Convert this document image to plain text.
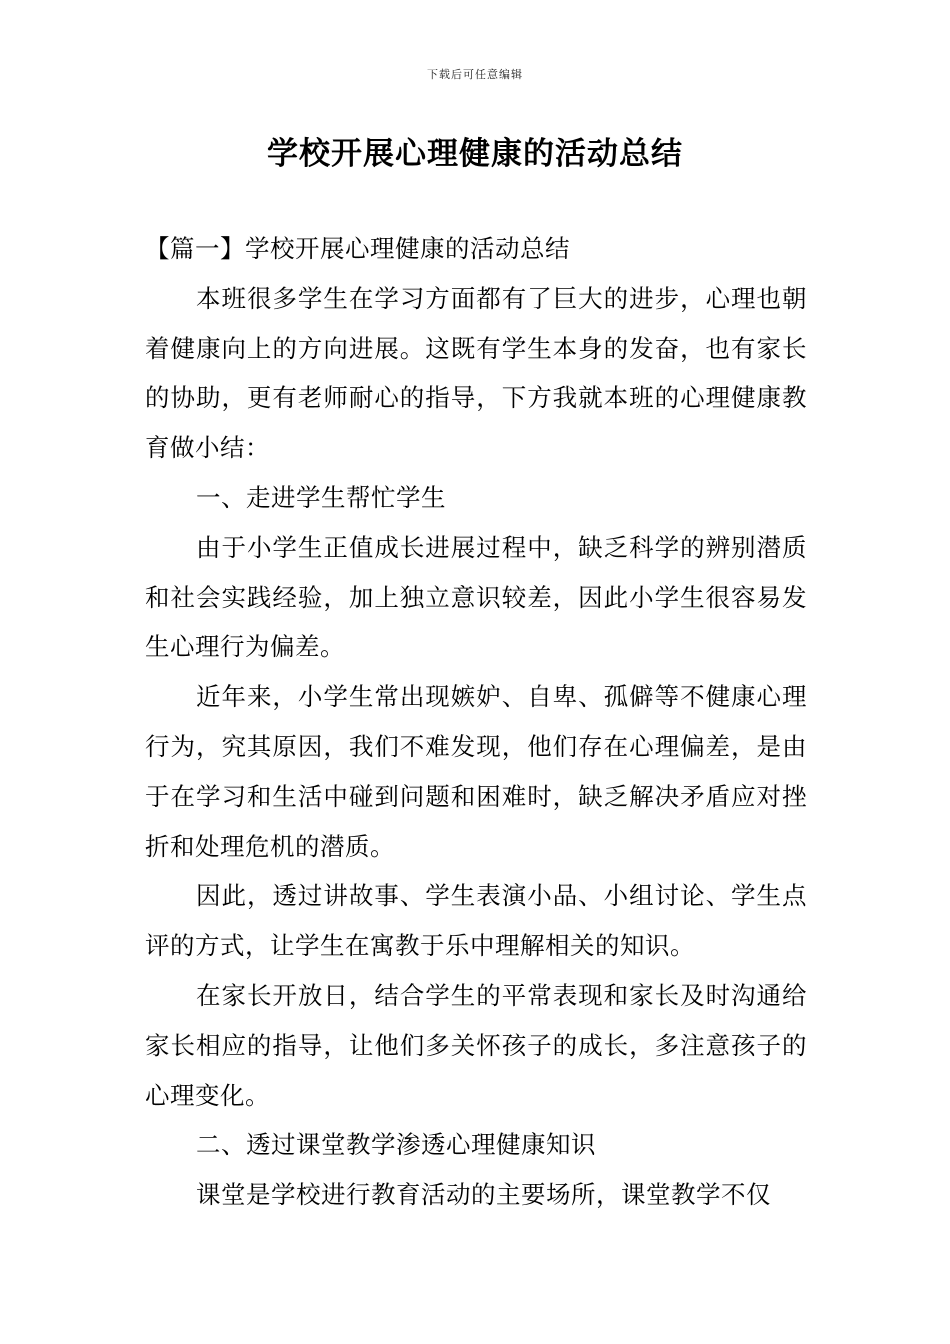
下载后可任意编辑
学校开展心理健康的活动总结

【篇一】学校开展心理健康的活动总结

本班很多学生在学习方面都有了巨大的进步，心理也朝着健康向上的方向进展。这既有学生本身的发奋，也有家长的协助，更有老师耐心的指导，下方我就本班的心理健康教育做小结：

一、走进学生帮忙学生

由于小学生正值成长进展过程中，缺乏科学的辨别潜质和社会实践经验，加上独立意识较差，因此小学生很容易发生心理行为偏差。

近年来，小学生常出现嫉妒、自卑、孤僻等不健康心理行为，究其原因，我们不难发现，他们存在心理偏差，是由于在学习和生活中碰到问题和困难时，缺乏解决矛盾应对挫折和处理危机的潜质。

因此，透过讲故事、学生表演小品、小组讨论、学生点评的方式，让学生在寓教于乐中理解相关的知识。

在家长开放日，结合学生的平常表现和家长及时沟通给家长相应的指导，让他们多关怀孩子的成长，多注意孩子的心理变化。

二、透过课堂教学渗透心理健康知识

课堂是学校进行教育活动的主要场所，课堂教学不仅
